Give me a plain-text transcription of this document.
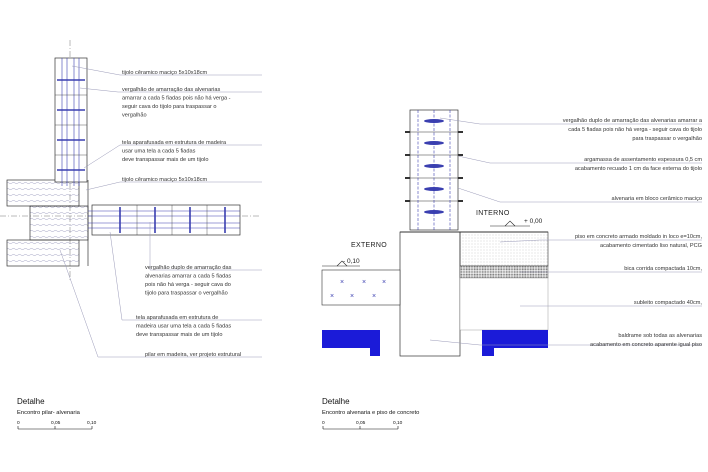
tijolo cêramico maciço 5x10x18cm
vergalhão de amarração das alvenarias
amarrar a cada 5 fiadas pois não há verga -
seguir cava do tijolo para traspassar o
vergalhão
tela aparafusada em estrutura de madeira
usar uma tela a cada 5 fiadas
deve transpassar mais de um tijolo
tijolo cêramico maciço 5x10x18cm
vergalhão duplo de amarração das
alvenarias amarrar a cada 5 fiadas
pois não há verga - seguir cava do
tijolo para traspassar o vergalhão
tela aparafusada em estrutura de
madeira usar uma tela a cada 5 fiadas
deve transpassar mais de um tijolo
pilar em madeira, ver projeto estrutural
Detalhe
Encontro pilar- alvenaria
0	0,05	0,10
×	× ×
×	×
×
INTERNO
EXTERNO
+ 0,00
- 0,10
vergalhão duplo de amarração das alvenarias amarrar a
cada 5 fiadas pois não há verga - seguir cava do tijolo
para traspassar o vergalhão
argamassa de assentamento espessura 0,5 cm
acabamento recuado 1 cm da face externa do tijolo
alvenaria em bloco cerâmico maciço
piso em concreto armado moldado in loco e=10cm,
acabamento cimentado liso natural, PCG
bica corrida compactada 10cm,
subleito compactado 40cm,
baldrame sob todas as alvenarias
acabamento em concreto aparente igual piso
Detalhe
Encontro alvenaria e piso de concreto
0	0,05	0,10
